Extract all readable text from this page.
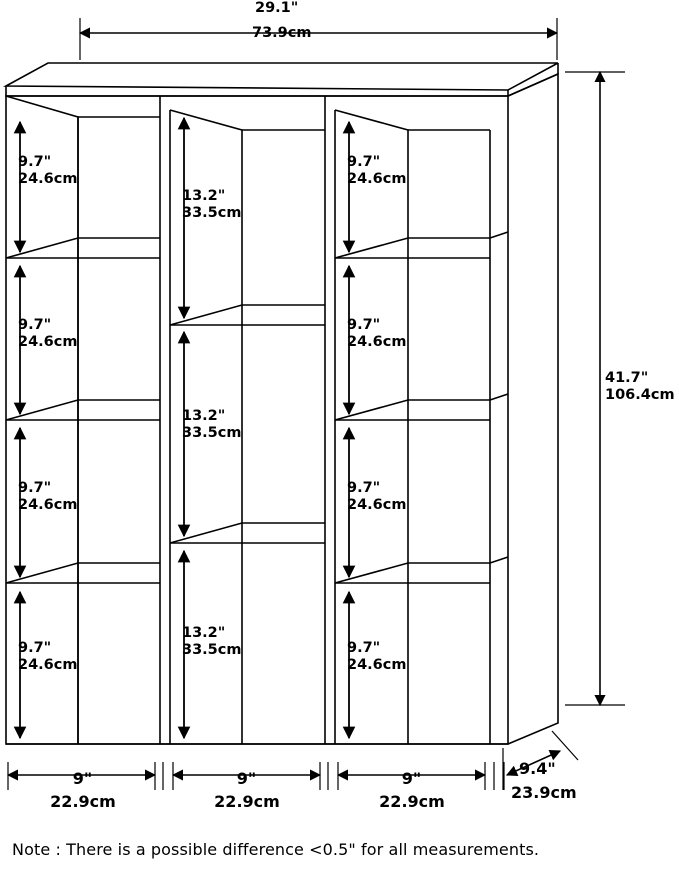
29.1"
73.9cm
41.7"
106.4cm
9.7"
24.6cm
9.7"
24.6cm
9.7"
24.6cm
9.7"
24.6cm
13.2"
33.5cm
13.2"
33.5cm
13.2"
33.5cm
9.7"
24.6cm
9.7"
24.6cm
9.7"
24.6cm
9.7"
24.6cm
9"
22.9cm
9"
22.9cm
9"
22.9cm
9.4"
23.9cm
Note : There is a possible difference <0.5" for all measurements.
